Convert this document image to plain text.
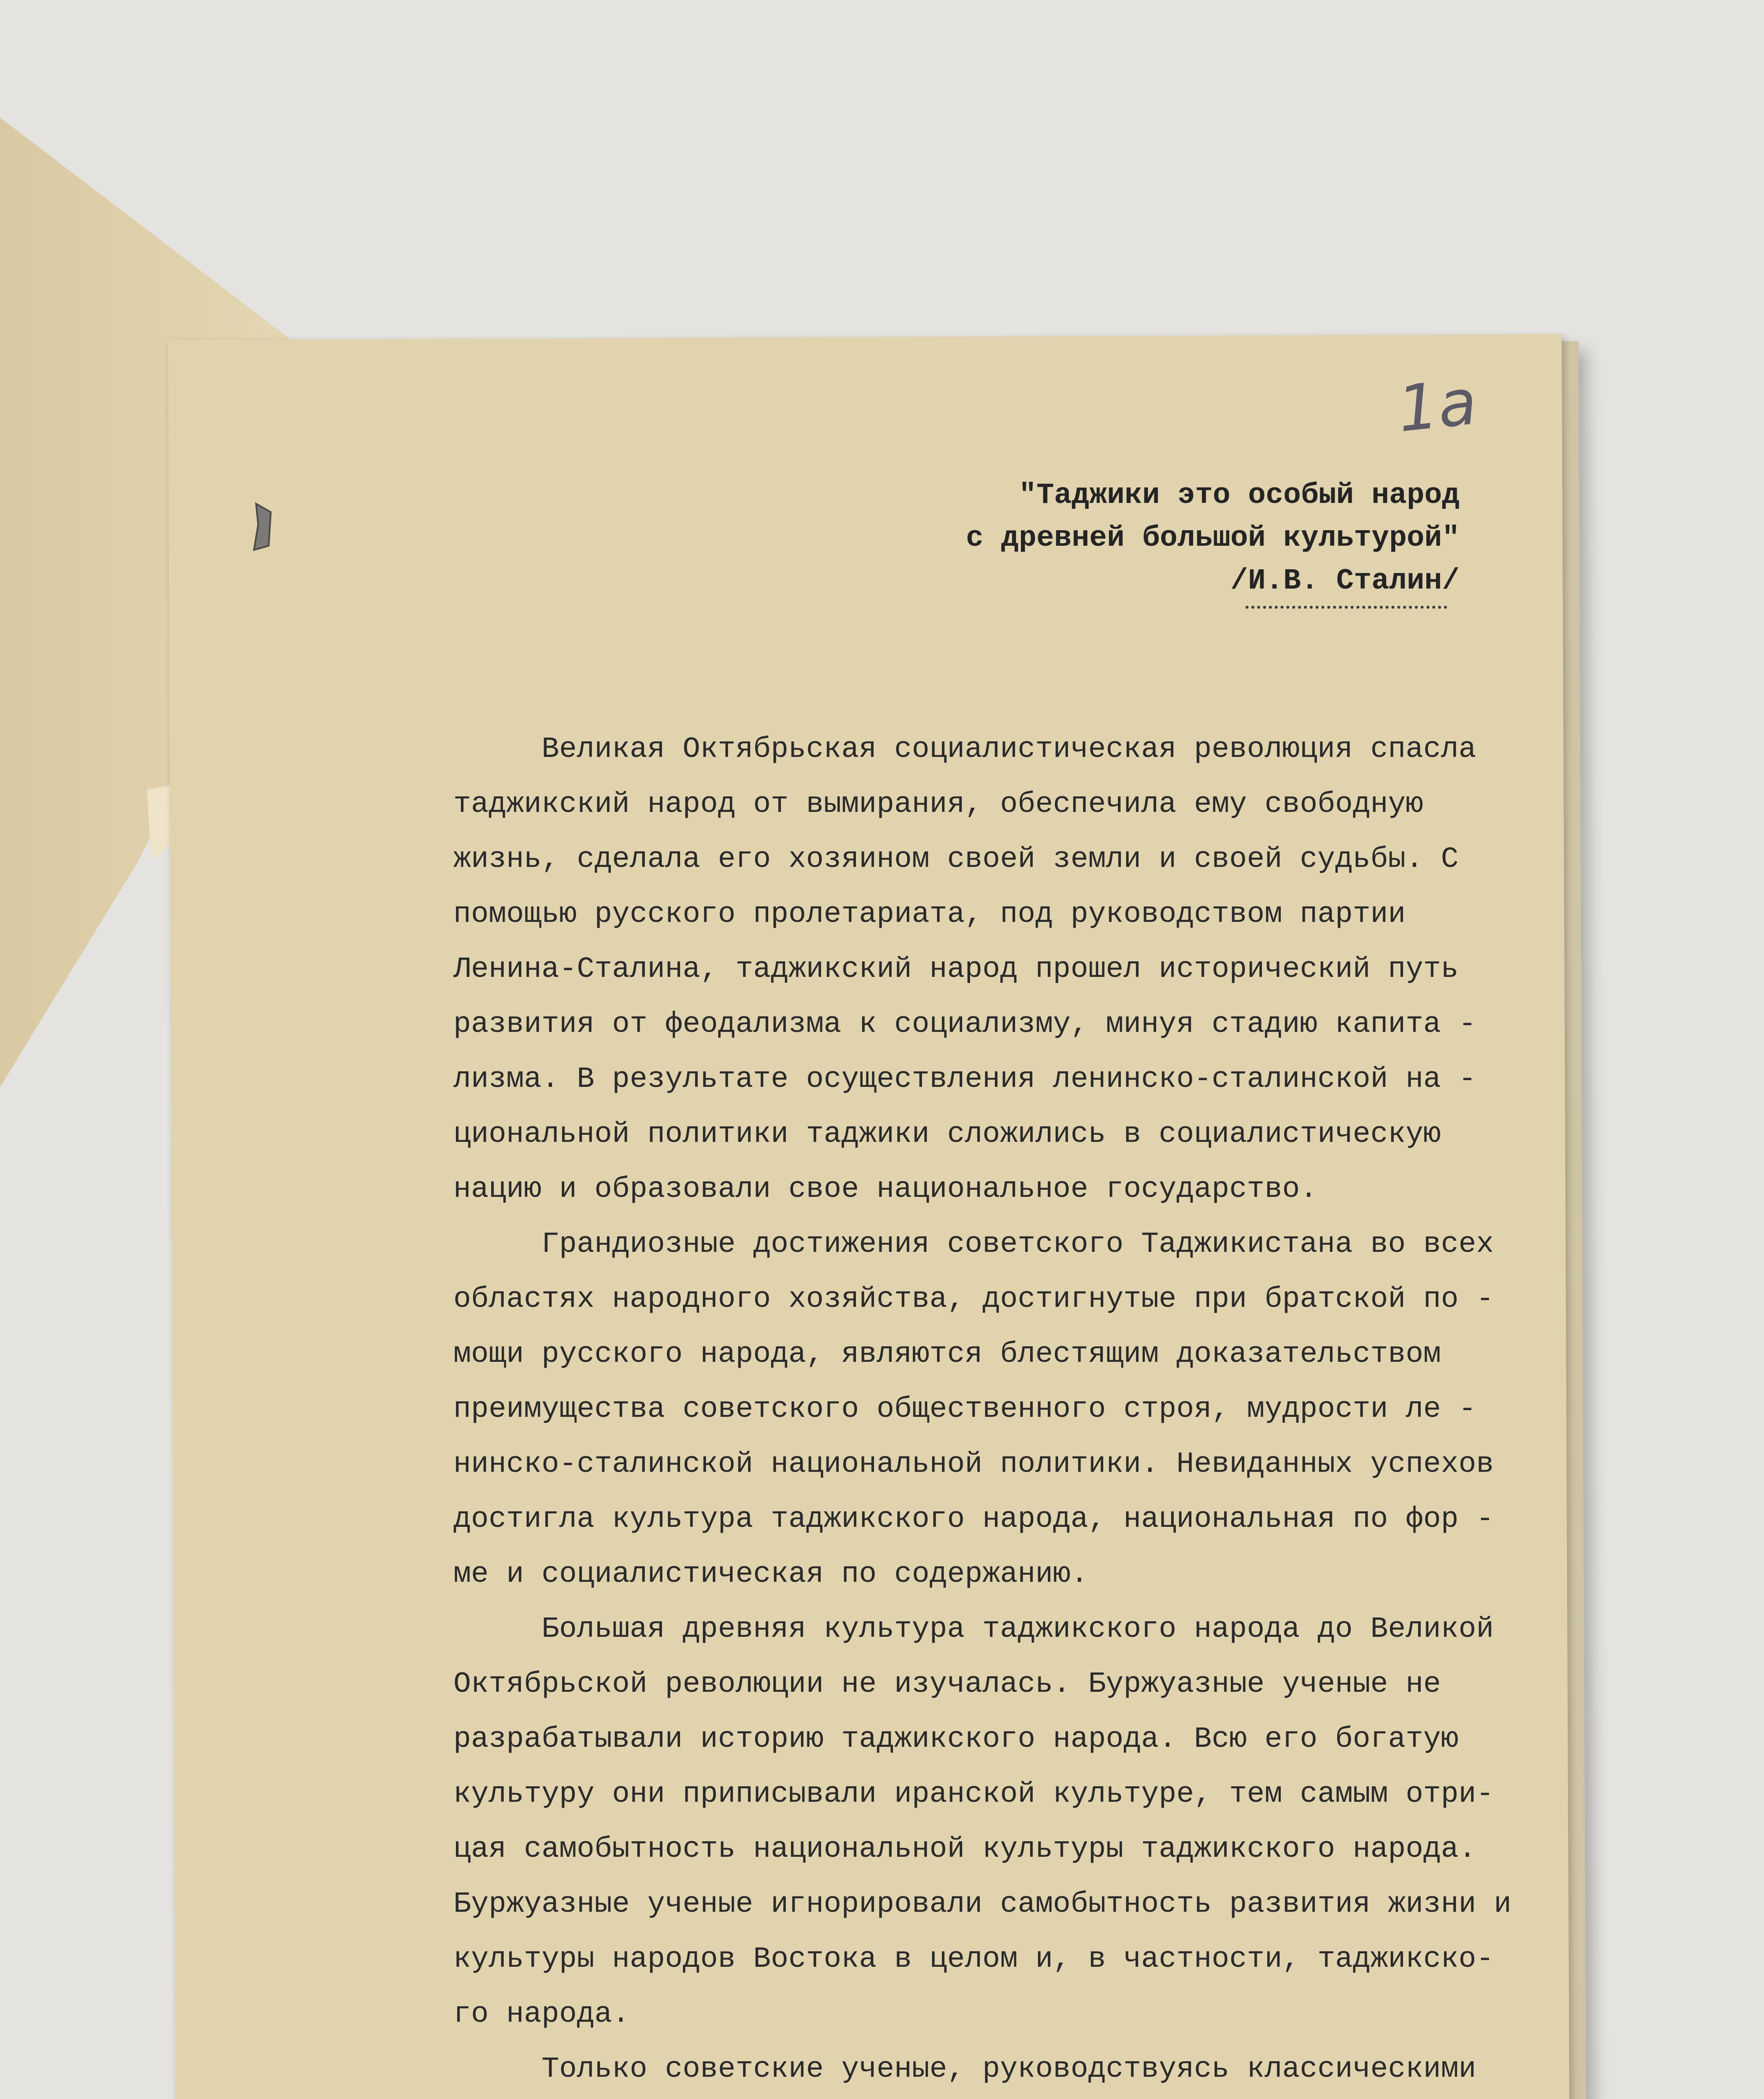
1а
"Таджики это особый народ
с древней большой культурой"
/И.В. Сталин/
Великая Октябрьская социалистическая революция спасла
таджикский народ от вымирания, обеспечила ему свободную
жизнь, сделала его хозяином своей земли и своей судьбы. С
помощью русского пролетариата, под руководством партии
Ленина-Сталина, таджикский народ прошел исторический путь
развития от феодализма к социализму, минуя стадию капита -
лизма. В результате осуществления ленинско-сталинской на -
циональной политики таджики сложились в социалистическую
нацию и образовали свое национальное государство.
Грандиозные достижения советского Таджикистана во всех
областях народного хозяйства, достигнутые при братской по -
мощи русского народа, являются блестящим доказательством
преимущества советского общественного строя, мудрости ле -
нинско-сталинской национальной политики. Невиданных успехов
достигла культура таджикского народа, национальная по фор -
ме и социалистическая по содержанию.
Большая древняя культура таджикского народа до Великой
Октябрьской революции не изучалась. Буржуазные ученые не
разрабатывали историю таджикского народа. Всю его богатую
культуру они приписывали иранской культуре, тем самым отри-
цая самобытность национальной культуры таджикского народа.
Буржуазные ученые игнорировали самобытность развития жизни и
культуры народов Востока в целом и, в частности, таджикско-
го народа.
Только советские ученые, руководствуясь классическими
